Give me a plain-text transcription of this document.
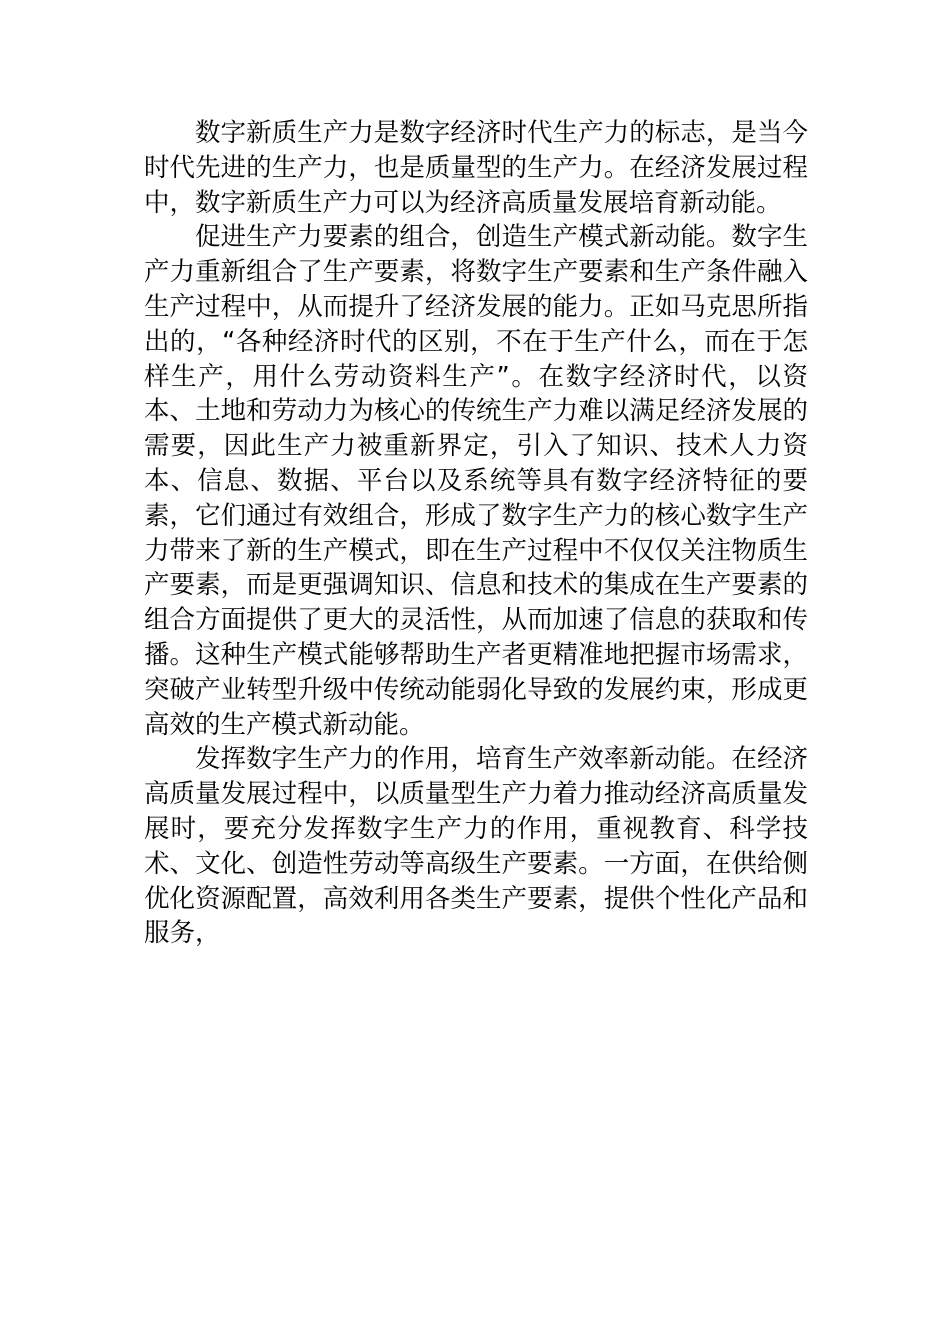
数字新质生产力是数字经济时代生产力的标志，是当今时代先进的生产力，也是质量型的生产力。在经济发展过程中，数字新质生产力可以为经济高质量发展培育新动能。

促进生产力要素的组合，创造生产模式新动能。数字生产力重新组合了生产要素，将数字生产要素和生产条件融入生产过程中，从而提升了经济发展的能力。正如马克思所指出的，“各种经济时代的区别，不在于生产什么，而在于怎样生产，用什么劳动资料生产”。在数字经济时代，以资本、土地和劳动力为核心的传统生产力难以满足经济发展的需要，因此生产力被重新界定，引入了知识、技术人力资本、信息、数据、平台以及系统等具有数字经济特征的要素，它们通过有效组合，形成了数字生产力的核心数字生产力带来了新的生产模式，即在生产过程中不仅仅关注物质生产要素，而是更强调知识、信息和技术的集成在生产要素的组合方面提供了更大的灵活性，从而加速了信息的获取和传播。这种生产模式能够帮助生产者更精准地把握市场需求，突破产业转型升级中传统动能弱化导致的发展约束，形成更高效的生产模式新动能。

发挥数字生产力的作用，培育生产效率新动能。在经济高质量发展过程中，以质量型生产力着力推动经济高质量发展时，要充分发挥数字生产力的作用，重视教育、科学技术、文化、创造性劳动等高级生产要素。一方面，在供给侧优化资源配置，高效利用各类生产要素，提供个性化产品和服务，
